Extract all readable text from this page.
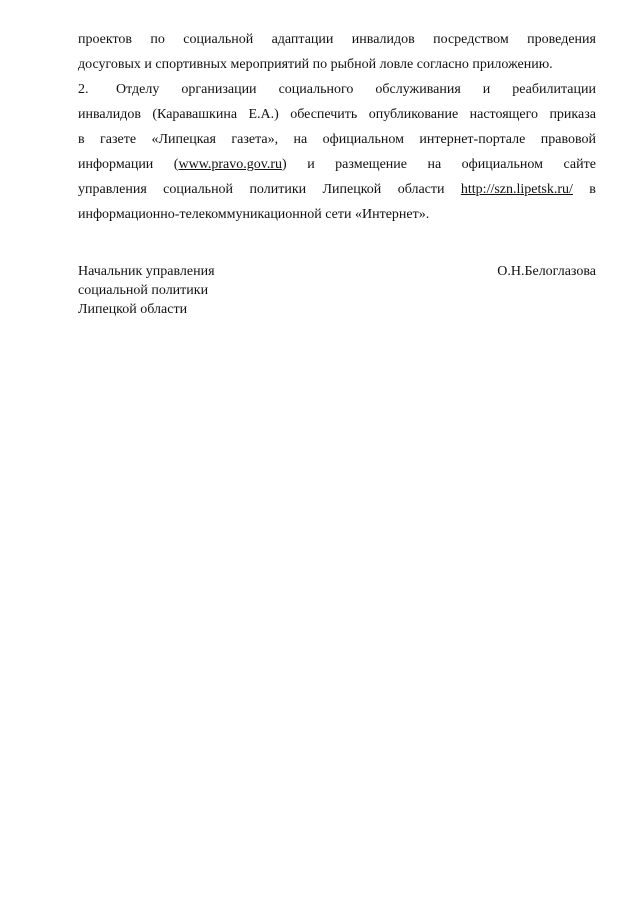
проектов по социальной адаптации инвалидов посредством проведения
досуговых и спортивных мероприятий по рыбной ловле согласно приложению.
2.	Отделу организации социального обслуживания и реабилитации
инвалидов (Каравашкина Е.А.) обеспечить опубликование настоящего приказа
в газете «Липецкая газета», на официальном интернет-портале правовой
информации (www.pravo.gov.ru) и размещение на официальном сайте
управления социальной политики Липецкой области http://szn.lipetsk.ru/ в
информационно-телекоммуникационной сети «Интернет».
Начальник управления	О.Н.Белоглазова
социальной политики
Липецкой области
